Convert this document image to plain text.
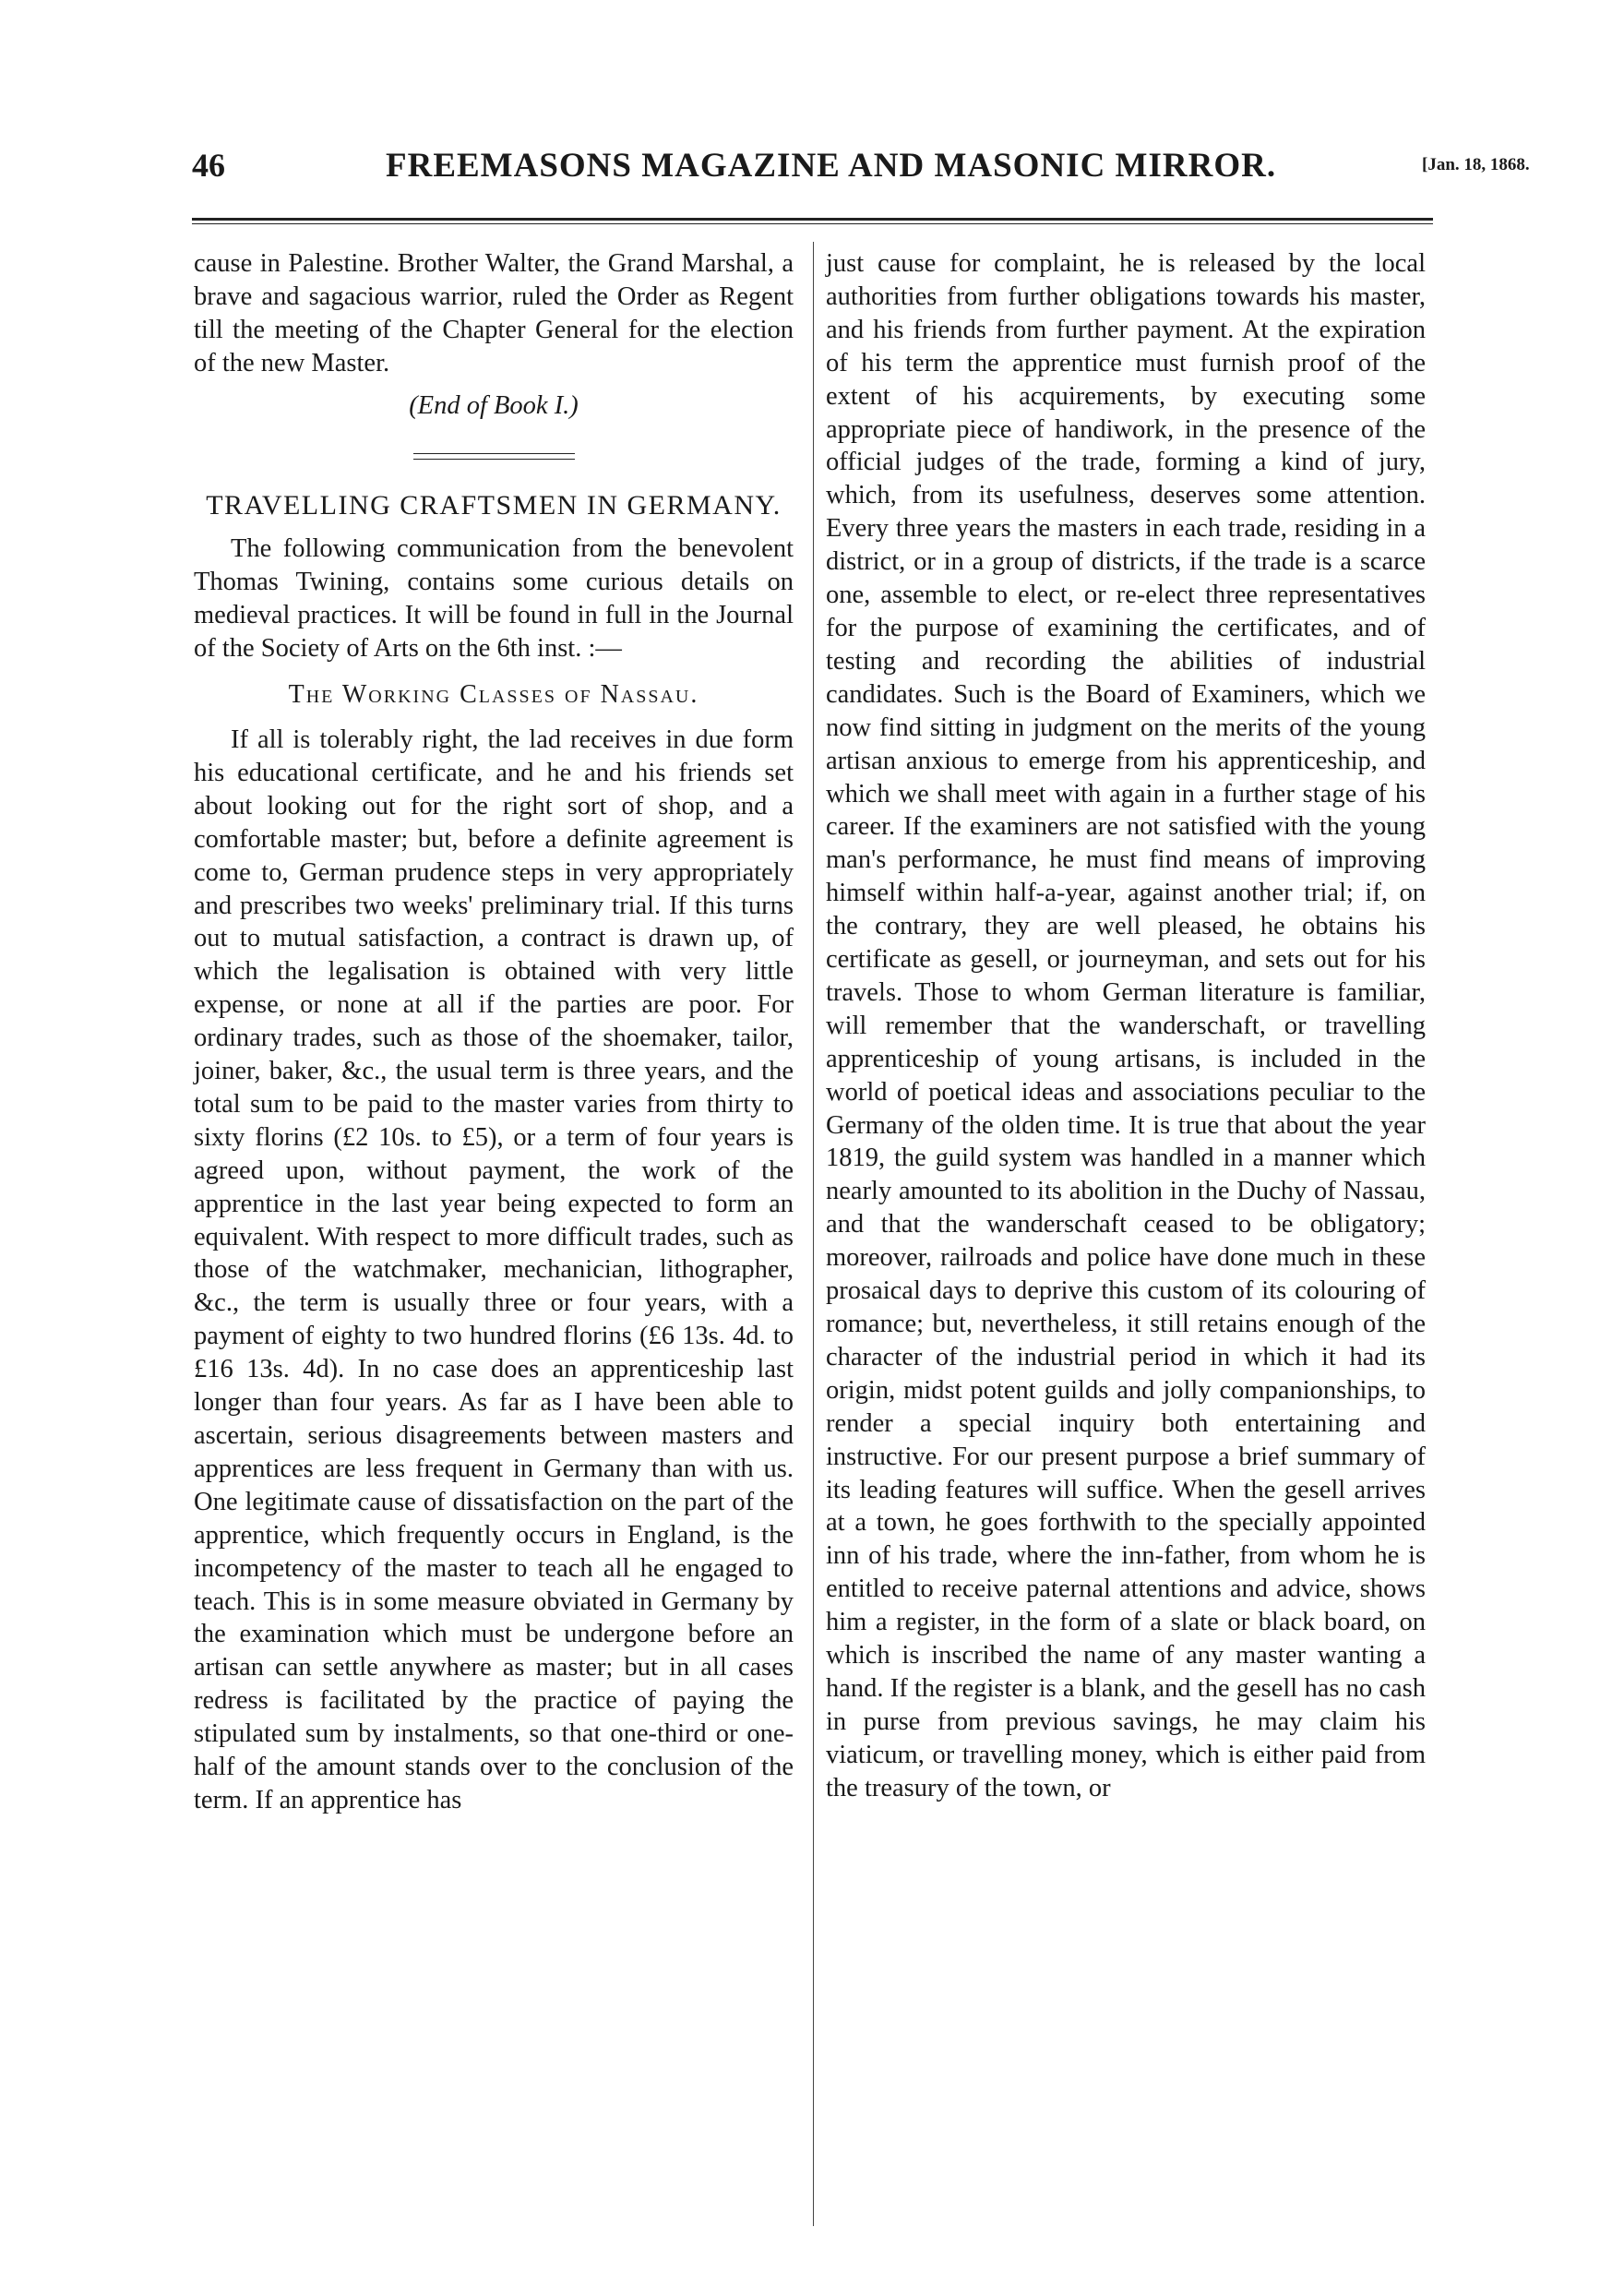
46	FREEMASONS MAGAZINE AND MASONIC MIRROR.	[Jan. 18, 1868.

cause in Palestine. Brother Walter, the Grand Marshal, a brave and sagacious warrior, ruled the Order as Regent till the meeting of the Chapter General for the election of the new Master.

(End of Book I.)

TRAVELLING CRAFTSMEN IN GERMANY.

The following communication from the benevolent Thomas Twining, contains some curious details on medieval practices. It will be found in full in the Journal of the Society of Arts on the 6th inst. :—

The Working Classes of Nassau.

If all is tolerably right, the lad receives in due form his educational certificate, and he and his friends set about looking out for the right sort of shop, and a comfortable master; but, before a definite agreement is come to, German prudence steps in very appropriately and prescribes two weeks' preliminary trial. If this turns out to mutual satisfaction, a contract is drawn up, of which the legalisation is obtained with very little expense, or none at all if the parties are poor. For ordinary trades, such as those of the shoemaker, tailor, joiner, baker, &c., the usual term is three years, and the total sum to be paid to the master varies from thirty to sixty florins (£2 10s. to £5), or a term of four years is agreed upon, without payment, the work of the apprentice in the last year being expected to form an equivalent. With respect to more difficult trades, such as those of the watchmaker, mechanician, lithographer, &c., the term is usually three or four years, with a payment of eighty to two hundred florins (£6 13s. 4d. to £16 13s. 4d). In no case does an apprenticeship last longer than four years. As far as I have been able to ascertain, serious disagreements between masters and apprentices are less frequent in Germany than with us. One legitimate cause of dissatisfaction on the part of the apprentice, which frequently occurs in England, is the incompetency of the master to teach all he engaged to teach. This is in some measure obviated in Germany by the examination which must be undergone before an artisan can settle anywhere as master; but in all cases redress is facilitated by the practice of paying the stipulated sum by instalments, so that one-third or one-half of the amount stands over to the conclusion of the term. If an apprentice has

just cause for complaint, he is released by the local authorities from further obligations towards his master, and his friends from further payment. At the expiration of his term the apprentice must furnish proof of the extent of his acquirements, by executing some appropriate piece of handiwork, in the presence of the official judges of the trade, forming a kind of jury, which, from its usefulness, deserves some attention. Every three years the masters in each trade, residing in a district, or in a group of districts, if the trade is a scarce one, assemble to elect, or re-elect three representatives for the purpose of examining the certificates, and of testing and recording the abilities of industrial candidates. Such is the Board of Examiners, which we now find sitting in judgment on the merits of the young artisan anxious to emerge from his apprenticeship, and which we shall meet with again in a further stage of his career. If the examiners are not satisfied with the young man's performance, he must find means of improving himself within half-a-year, against another trial; if, on the contrary, they are well pleased, he obtains his certificate as gesell, or journeyman, and sets out for his travels. Those to whom German literature is familiar, will remember that the wanderschaft, or travelling apprenticeship of young artisans, is included in the world of poetical ideas and associations peculiar to the Germany of the olden time. It is true that about the year 1819, the guild system was handled in a manner which nearly amounted to its abolition in the Duchy of Nassau, and that the wanderschaft ceased to be obligatory; moreover, railroads and police have done much in these prosaical days to deprive this custom of its colouring of romance; but, nevertheless, it still retains enough of the character of the industrial period in which it had its origin, midst potent guilds and jolly companionships, to render a special inquiry both entertaining and instructive. For our present purpose a brief summary of its leading features will suffice. When the gesell arrives at a town, he goes forthwith to the specially appointed inn of his trade, where the inn-father, from whom he is entitled to receive paternal attentions and advice, shows him a register, in the form of a slate or black board, on which is inscribed the name of any master wanting a hand. If the register is a blank, and the gesell has no cash in purse from previous savings, he may claim his viaticum, or travelling money, which is either paid from the treasury of the town, or
